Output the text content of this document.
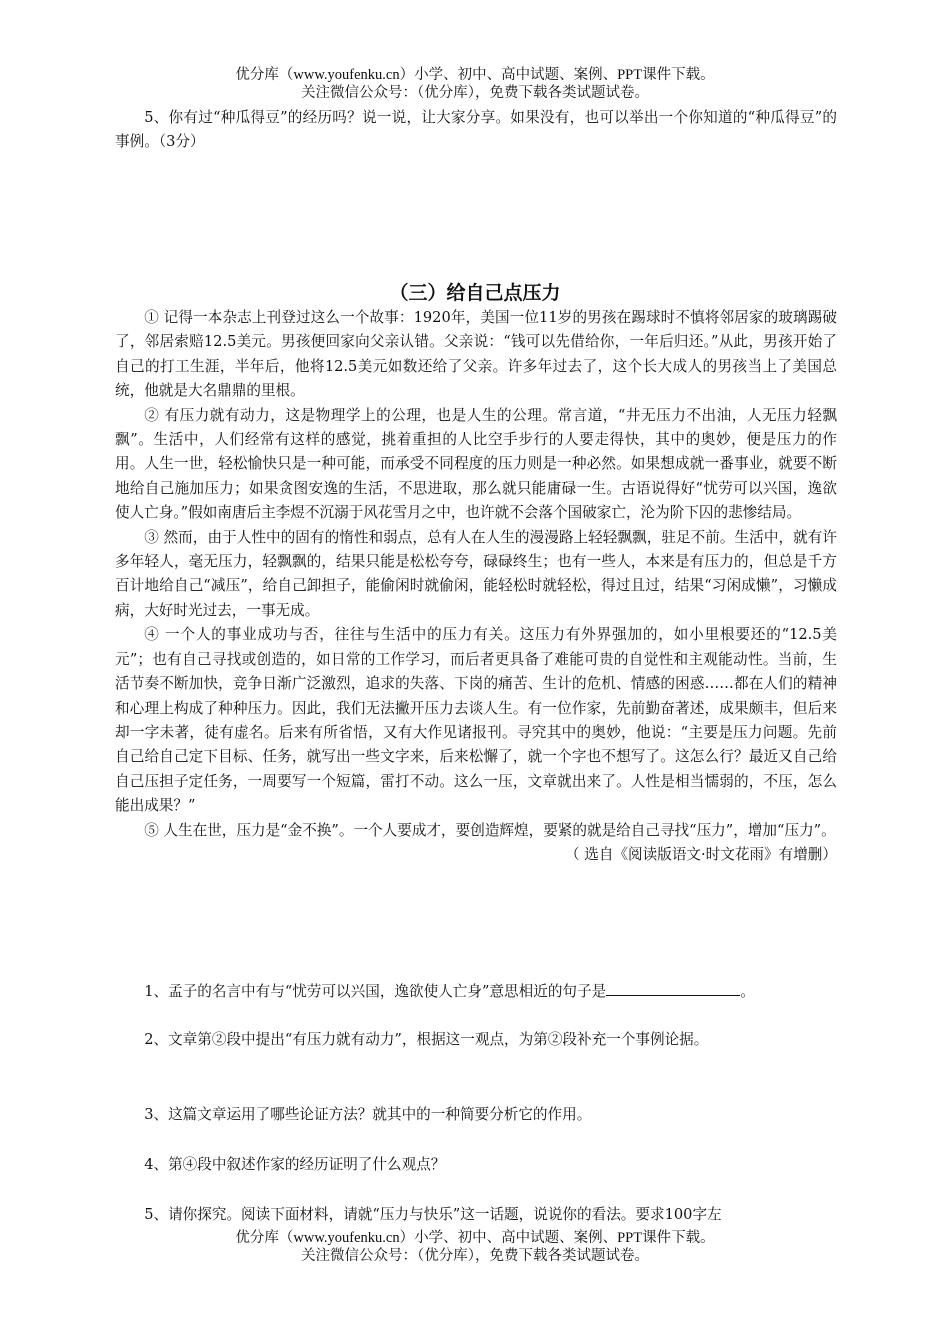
优分库（www.youfenku.cn）小学、初中、高中试题、案例、PPT课件下载。
关注微信公众号：（优分库），免费下载各类试题试卷。

5、你有过“种瓜得豆”的经历吗？说一说，让大家分享。如果没有，也可以举出一个你知道的“种瓜得豆”的事例。（3分）

（三）给自己点压力

① 记得一本杂志上刊登过这么一个故事：1920年，美国一位11岁的男孩在踢球时不慎将邻居家的玻璃踢破了，邻居索赔12.5美元。男孩便回家向父亲认错。父亲说：“钱可以先借给你，一年后归还。”从此，男孩开始了自己的打工生涯，半年后，他将12.5美元如数还给了父亲。许多年过去了，这个长大成人的男孩当上了美国总统，他就是大名鼎鼎的里根。

② 有压力就有动力，这是物理学上的公理，也是人生的公理。常言道，“井无压力不出油，人无压力轻飘飘”。生活中，人们经常有这样的感觉，挑着重担的人比空手步行的人要走得快，其中的奥妙，便是压力的作用。人生一世，轻松愉快只是一种可能，而承受不同程度的压力则是一种必然。如果想成就一番事业，就要不断地给自己施加压力；如果贪图安逸的生活，不思进取，那么就只能庸碌一生。古语说得好“忧劳可以兴国，逸欲使人亡身。”假如南唐后主李煜不沉溺于风花雪月之中，也许就不会落个国破家亡，沦为阶下囚的悲惨结局。

③ 然而，由于人性中的固有的惰性和弱点，总有人在人生的漫漫路上轻轻飘飘，驻足不前。生活中，就有许多年轻人，毫无压力，轻飘飘的，结果只能是松松夸夸，碌碌终生；也有一些人，本来是有压力的，但总是千方百计地给自己“减压”，给自己卸担子，能偷闲时就偷闲，能轻松时就轻松，得过且过，结果“习闲成懒”，习懒成病，大好时光过去，一事无成。

④ 一个人的事业成功与否，往往与生活中的压力有关。这压力有外界强加的，如小里根要还的“12.5美元”；也有自己寻找或创造的，如日常的工作学习，而后者更具备了难能可贵的自觉性和主观能动性。当前，生活节奏不断加快，竞争日渐广泛激烈，追求的失落、下岗的痛苦、生计的危机、情感的困惑……都在人们的精神和心理上构成了种种压力。因此，我们无法撇开压力去谈人生。有一位作家，先前勤奋著述，成果颇丰，但后来却一字未著，徒有虚名。后来有所省悟，又有大作见诸报刊。寻究其中的奥妙，他说：“主要是压力问题。先前自己给自己定下目标、任务，就写出一些文字来，后来松懈了，就一个字也不想写了。这怎么行？最近又自己给自己压担子定任务，一周要写一个短篇，雷打不动。这么一压，文章就出来了。人性是相当懦弱的，不压，怎么能出成果？”

⑤ 人生在世，压力是“金不换”。一个人要成才，要创造辉煌，要紧的就是给自己寻找“压力”，增加“压力”。
（ 选自《阅读版语文·时文花雨》有增删）

1、孟子的名言中有与“忧劳可以兴国，逸欲使人亡身”意思相近的句子是	。

2、文章第②段中提出“有压力就有动力”，根据这一观点，为第②段补充一个事例论据。

3、这篇文章运用了哪些论证方法？就其中的一种简要分析它的作用。

4、第④段中叙述作家的经历证明了什么观点？

5、请你探究。阅读下面材料，请就“压力与快乐”这一话题，说说你的看法。要求100字左

优分库（www.youfenku.cn）小学、初中、高中试题、案例、PPT课件下载。
关注微信公众号：（优分库），免费下载各类试题试卷。
